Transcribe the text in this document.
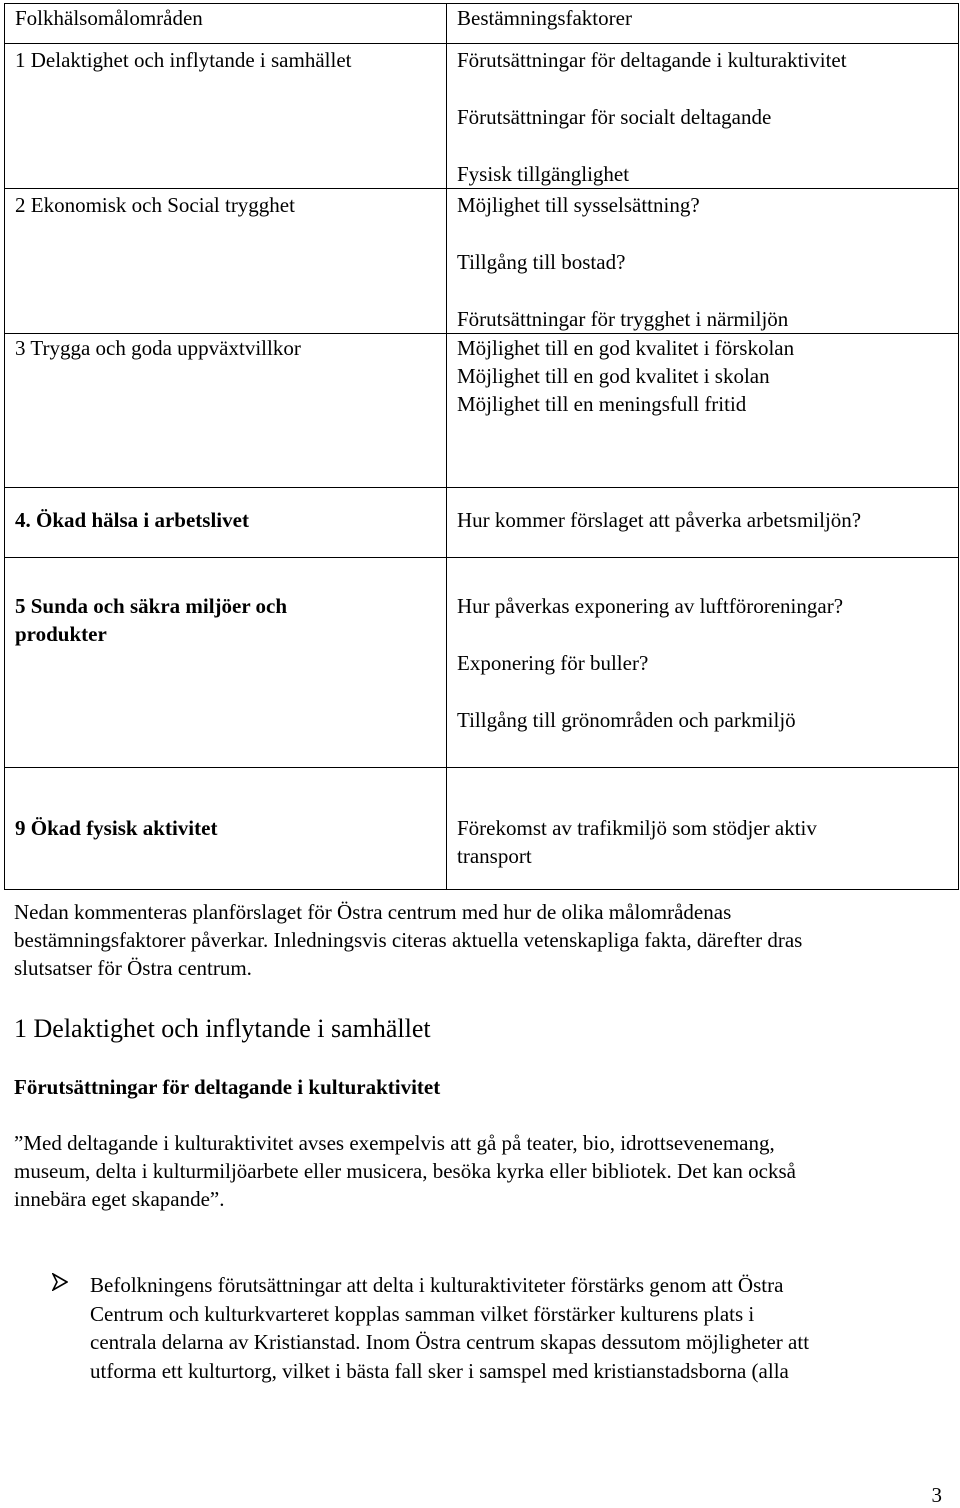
Folkhälsomålområden	Bestämningsfaktorer

1 Delaktighet och inflytande i samhället	Förutsättningar för deltagande i kulturaktivitet
Förutsättningar för socialt deltagande
Fysisk tillgänglighet

2 Ekonomisk och Social trygghet	Möjlighet till sysselsättning?
Tillgång till bostad?
Förutsättningar för trygghet i närmiljön

3 Trygga och goda uppväxtvillkor	Möjlighet till en god kvalitet i förskolan
Möjlighet till en god kvalitet i skolan
Möjlighet till en meningsfull fritid

4. Ökad hälsa i arbetslivet	Hur kommer förslaget att påverka arbetsmiljön?

5 Sunda och säkra miljöer och
produkter	Hur påverkas exponering av luftföroreningar?
Exponering för buller?
Tillgång till grönområden och parkmiljö

9 Ökad fysisk aktivitet	Förekomst av trafikmiljö som stödjer aktiv
transport
Nedan kommenteras planförslaget för Östra centrum med hur de olika målområdenas
bestämningsfaktorer påverkar. Inledningsvis citeras aktuella vetenskapliga fakta, därefter dras
slutsatser för Östra centrum.
1 Delaktighet och inflytande i samhället
Förutsättningar för deltagande i kulturaktivitet
”Med deltagande i kulturaktivitet avses exempelvis att gå på teater, bio, idrottsevenemang,
museum, delta i kulturmiljöarbete eller musicera, besöka kyrka eller bibliotek. Det kan också
innebära eget skapande”.
Befolkningens förutsättningar att delta i kulturaktiviteter förstärks genom att Östra
Centrum och kulturkvarteret kopplas samman vilket förstärker kulturens plats i
centrala delarna av Kristianstad. Inom Östra centrum skapas dessutom möjligheter att
utforma ett kulturtorg, vilket i bästa fall sker i samspel med kristianstadsborna (alla
3
